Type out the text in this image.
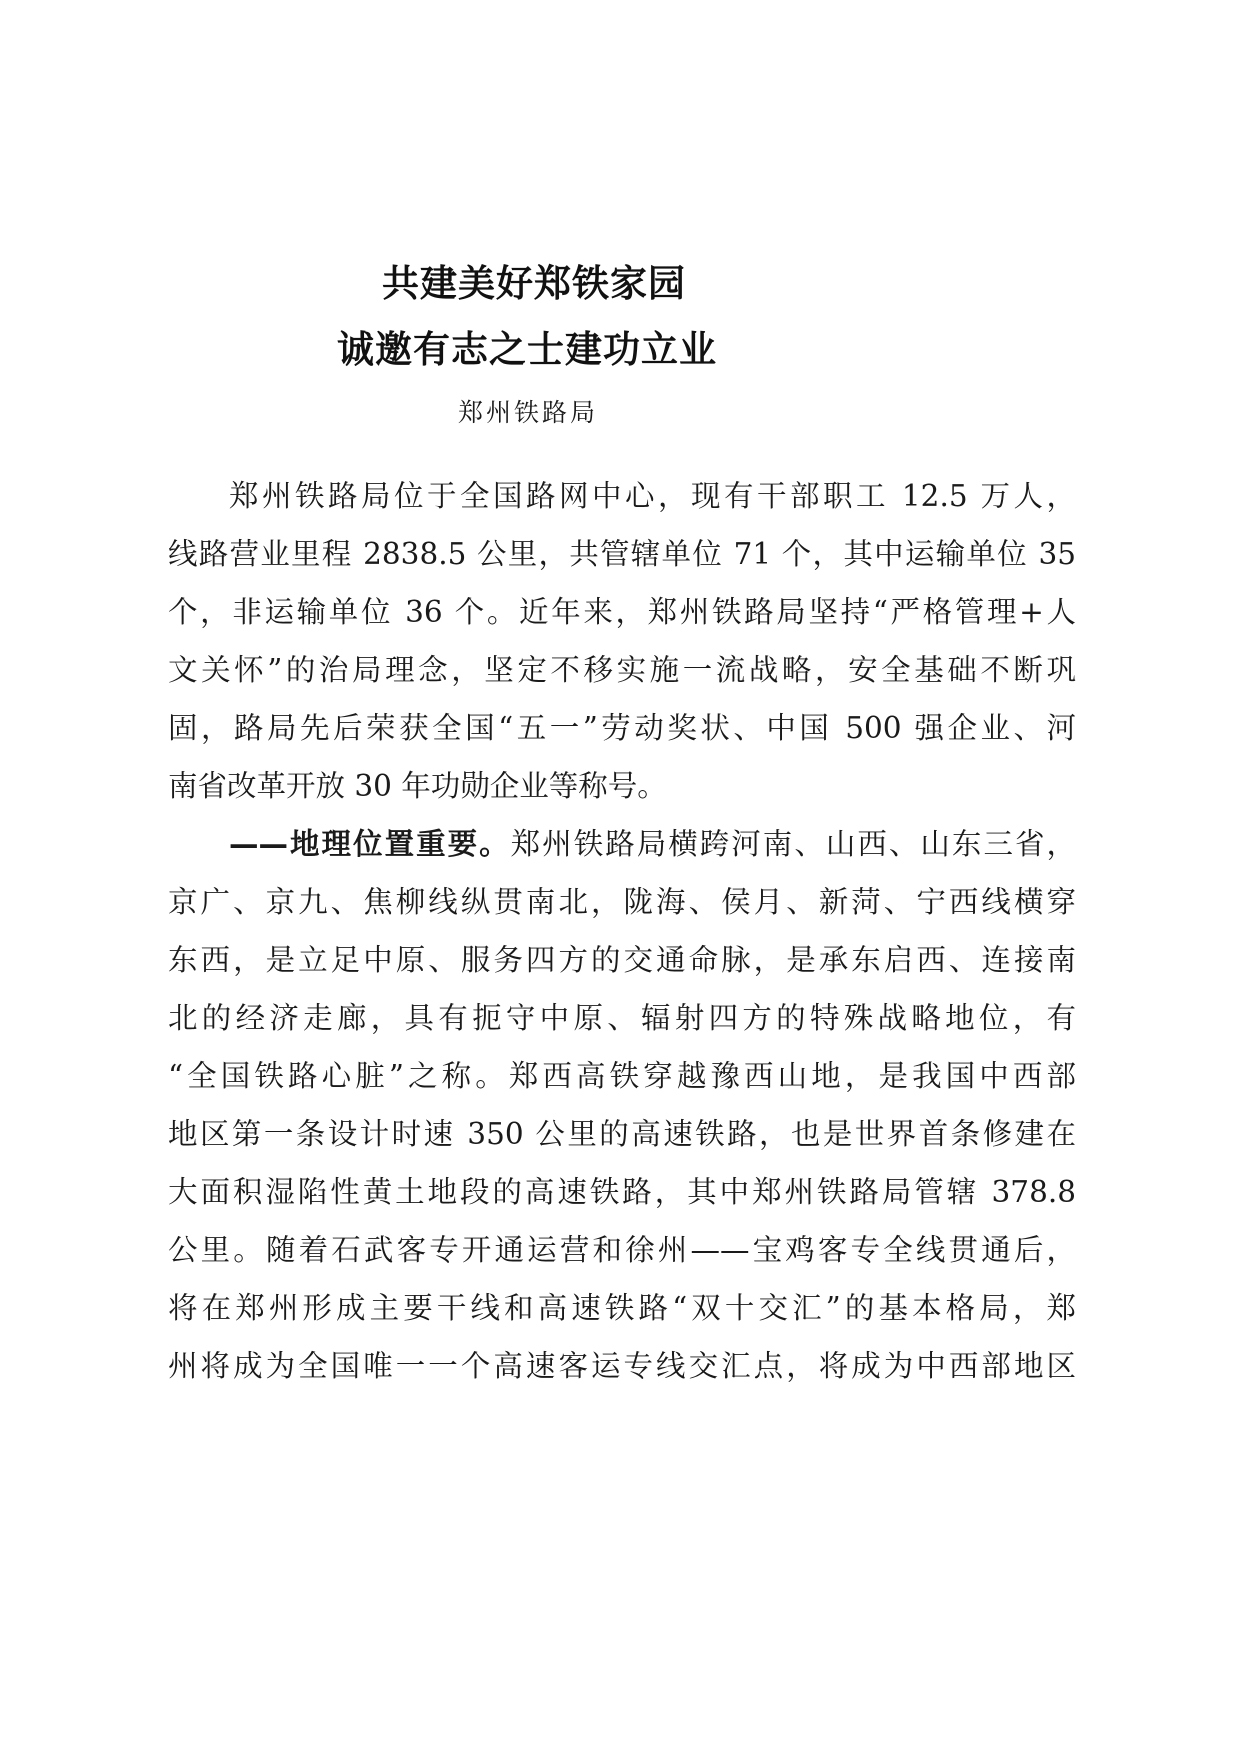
共建美好郑铁家园
诚邀有志之士建功立业

郑州铁路局

郑州铁路局位于全国路网中心，现有干部职工 12.5 万人，

线路营业里程 2838.5 公里，共管辖单位 71 个，其中运输单位 35

个，非运输单位 36 个。近年来，郑州铁路局坚持“严格管理+人

文关怀”的治局理念，坚定不移实施一流战略，安全基础不断巩

固，路局先后荣获全国“五一”劳动奖状、中国 500 强企业、河

南省改革开放 30 年功勋企业等称号。

——地理位置重要。郑州铁路局横跨河南、山西、山东三省，

京广、京九、焦柳线纵贯南北，陇海、侯月、新菏、宁西线横穿

东西，是立足中原、服务四方的交通命脉，是承东启西、连接南

北的经济走廊，具有扼守中原、辐射四方的特殊战略地位，有

“全国铁路心脏”之称。郑西高铁穿越豫西山地，是我国中西部

地区第一条设计时速 350 公里的高速铁路，也是世界首条修建在

大面积湿陷性黄土地段的高速铁路，其中郑州铁路局管辖 378.8

公里。随着石武客专开通运营和徐州——宝鸡客专全线贯通后，

将在郑州形成主要干线和高速铁路“双十交汇”的基本格局，郑

州将成为全国唯一一个高速客运专线交汇点，将成为中西部地区
